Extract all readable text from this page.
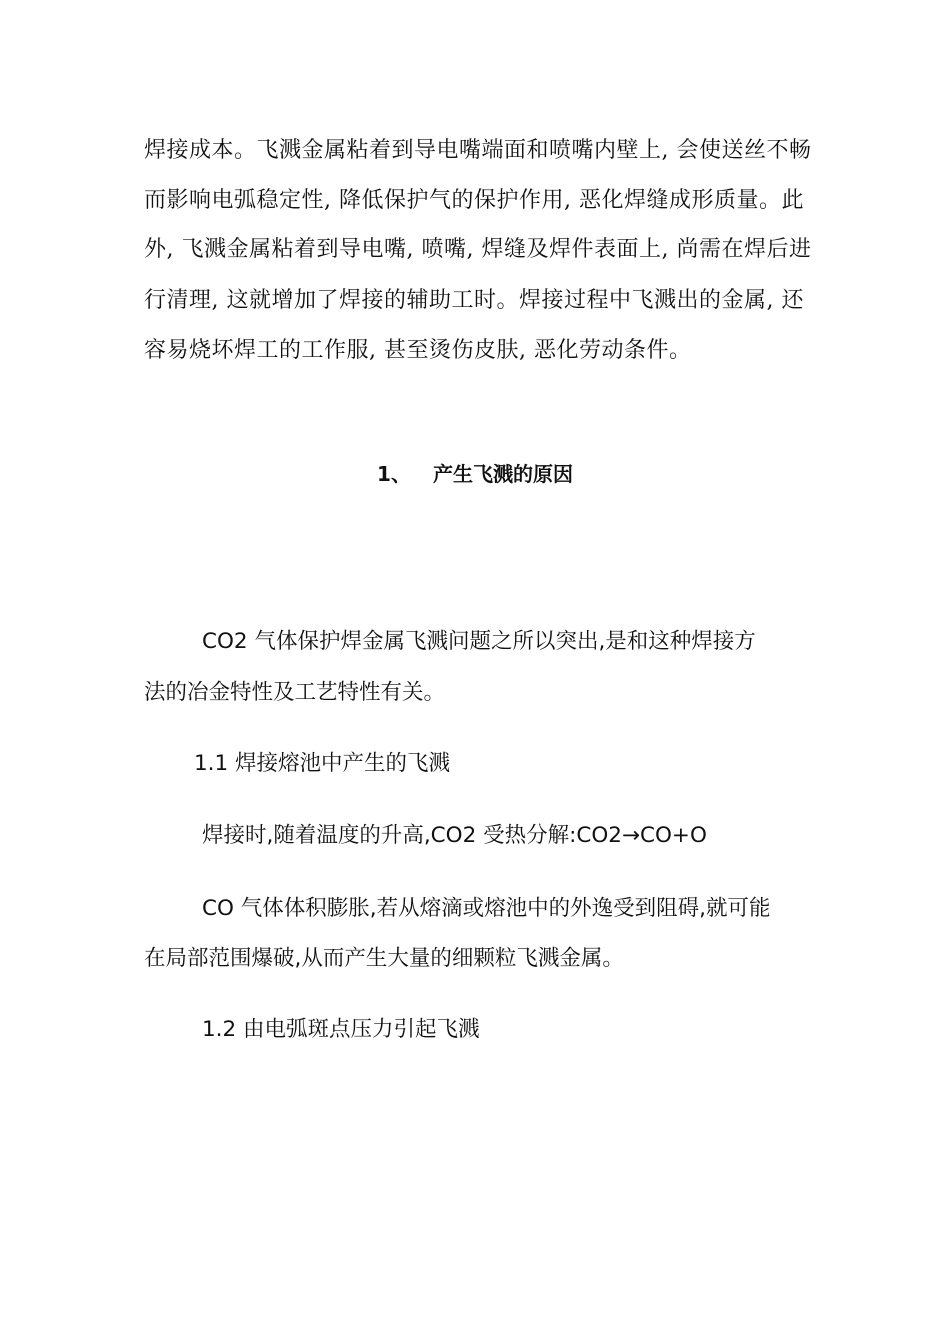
焊接成本。飞溅金属粘着到导电嘴端面和喷嘴内壁上, 会使送丝不畅
而影响电弧稳定性, 降低保护气的保护作用, 恶化焊缝成形质量。此
外, 飞溅金属粘着到导电嘴, 喷嘴, 焊缝及焊件表面上, 尚需在焊后进
行清理, 这就增加了焊接的辅助工时。焊接过程中飞溅出的金属, 还
容易烧坏焊工的工作服, 甚至烫伤皮肤, 恶化劳动条件。
1、 产生飞溅的原因
CO2 气体保护焊金属飞溅问题之所以突出,是和这种焊接方
法的冶金特性及工艺特性有关。
1.1 焊接熔池中产生的飞溅
焊接时,随着温度的升高,CO2 受热分解:CO2→CO+O
CO 气体体积膨胀,若从熔滴或熔池中的外逸受到阻碍,就可能
在局部范围爆破,从而产生大量的细颗粒飞溅金属。
1.2 由电弧斑点压力引起飞溅
